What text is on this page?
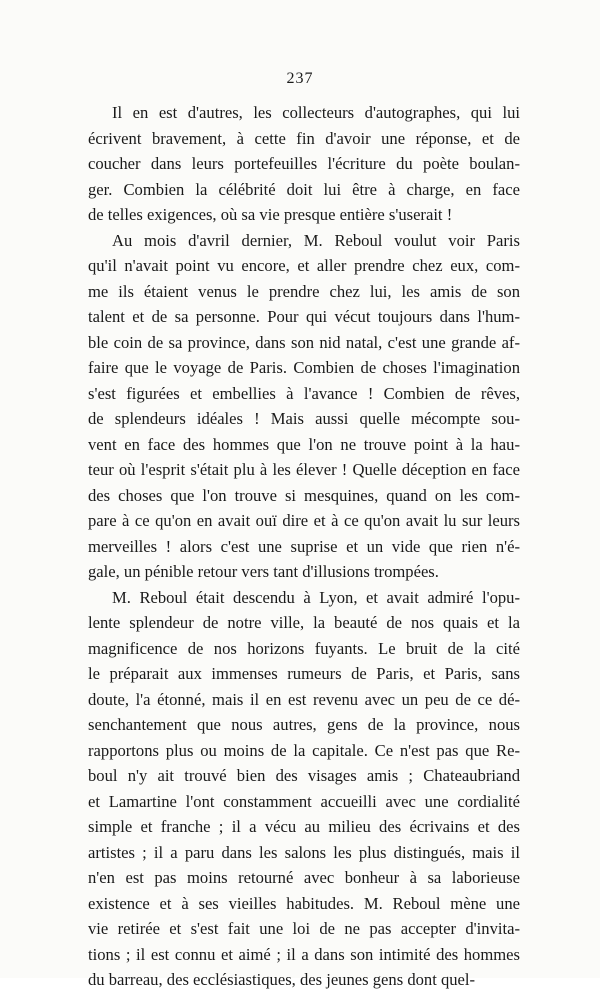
237
Il en est d'autres, les collecteurs d'autographes, qui lui
écrivent bravement, à cette fin d'avoir une réponse, et de
coucher dans leurs portefeuilles l'écriture du poète boulan-
ger. Combien la célébrité doit lui être à charge, en face
de telles exigences, où sa vie presque entière s'userait !
Au mois d'avril dernier, M. Reboul voulut voir Paris
qu'il n'avait point vu encore, et aller prendre chez eux, com-
me ils étaient venus le prendre chez lui, les amis de son
talent et de sa personne. Pour qui vécut toujours dans l'hum-
ble coin de sa province, dans son nid natal, c'est une grande af-
faire que le voyage de Paris. Combien de choses l'imagination
s'est figurées et embellies à l'avance ! Combien de rêves,
de splendeurs idéales ! Mais aussi quelle mécompte sou-
vent en face des hommes que l'on ne trouve point à la hau-
teur où l'esprit s'était plu à les élever ! Quelle déception en face
des choses que l'on trouve si mesquines, quand on les com-
pare à ce qu'on en avait ouï dire et à ce qu'on avait lu sur leurs
merveilles ! alors c'est une suprise et un vide que rien n'é-
gale, un pénible retour vers tant d'illusions trompées.
M. Reboul était descendu à Lyon, et avait admiré l'opu-
lente splendeur de notre ville, la beauté de nos quais et la
magnificence de nos horizons fuyants. Le bruit de la cité
le préparait aux immenses rumeurs de Paris, et Paris, sans
doute, l'a étonné, mais il en est revenu avec un peu de ce dé-
senchantement que nous autres, gens de la province, nous
rapportons plus ou moins de la capitale. Ce n'est pas que Re-
boul n'y ait trouvé bien des visages amis ; Chateaubriand
et Lamartine l'ont constamment accueilli avec une cordialité
simple et franche ; il a vécu au milieu des écrivains et des
artistes ; il a paru dans les salons les plus distingués, mais il
n'en est pas moins retourné avec bonheur à sa laborieuse
existence et à ses vieilles habitudes. M. Reboul mène une
vie retirée et s'est fait une loi de ne pas accepter d'invita-
tions ; il est connu et aimé ; il a dans son intimité des hommes
du barreau, des ecclésiastiques, des jeunes gens dont quel-
